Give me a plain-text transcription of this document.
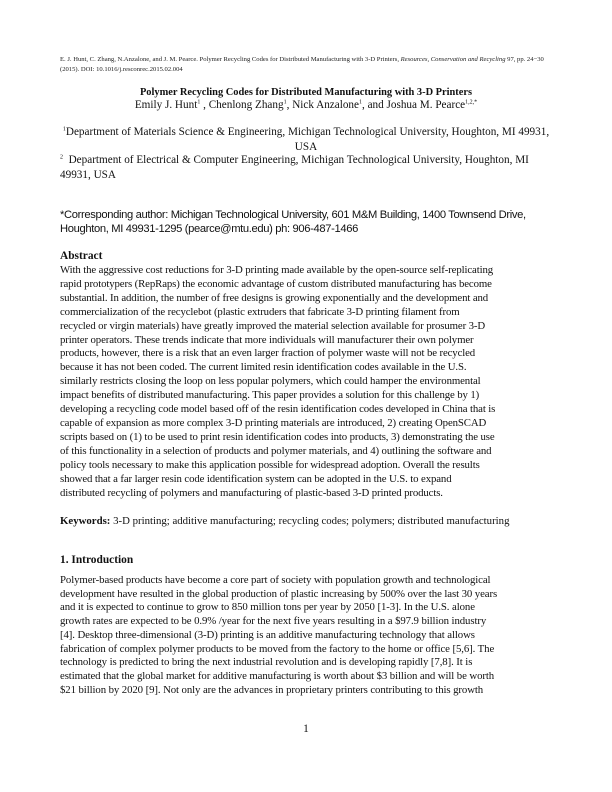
E. J. Hunt, C. Zhang, N.Anzalone, and J. M. Pearce. Polymer Recycling Codes for Distributed Manufacturing with 3-D Printers, Resources, Conservation and Recycling 97, pp. 24−30 (2015). DOI: 10.1016/j.resconrec.2015.02.004
Polymer Recycling Codes for Distributed Manufacturing with 3-D Printers
Emily J. Hunt$^1$ , Chenlong Zhang$^1$, Nick Anzalone$^1$, and Joshua M. Pearce$^{1,2,*}$
$^1$Department of Materials Science & Engineering, Michigan Technological University, Houghton, MI 49931, USA
$^2$ Department of Electrical & Computer Engineering, Michigan Technological University, Houghton, MI 49931, USA
*Corresponding author: Michigan Technological University, 601 M&M Building, 1400 Townsend Drive, Houghton, MI 49931-1295 (pearce@mtu.edu) ph: 906-487-1466
Abstract
With the aggressive cost reductions for 3-D printing made available by the open-source self-replicating
rapid prototypers (RepRaps) the economic advantage of custom distributed manufacturing has become
substantial. In addition, the number of free designs is growing exponentially and the development and
commercialization of the recyclebot (plastic extruders that fabricate 3-D printing filament from
recycled or virgin materials) have greatly improved the material selection available for prosumer 3-D
printer operators. These trends indicate that more individuals will manufacturer their own polymer
products, however, there is a risk that an even larger fraction of polymer waste will not be recycled
because it has not been coded. The current limited resin identification codes available in the U.S.
similarly restricts closing the loop on less popular polymers, which could hamper the environmental
impact benefits of distributed manufacturing. This paper provides a solution for this challenge by 1)
developing a recycling code model based off of the resin identification codes developed in China that is
capable of expansion as more complex 3-D printing materials are introduced, 2) creating OpenSCAD
scripts based on (1) to be used to print resin identification codes into products, 3) demonstrating the use
of this functionality in a selection of products and polymer materials, and 4) outlining the software and
policy tools necessary to make this application possible for widespread adoption. Overall the results
showed that a far larger resin code identification system can be adopted in the U.S. to expand
distributed recycling of polymers and manufacturing of plastic-based 3-D printed products.
Keywords: 3-D printing; additive manufacturing; recycling codes; polymers; distributed manufacturing
1. Introduction
Polymer-based products have become a core part of society with population growth and technological
development have resulted in the global production of plastic increasing by 500% over the last 30 years
and it is expected to continue to grow to 850 million tons per year by 2050 [1-3]. In the U.S. alone
growth rates are expected to be 0.9% /year for the next five years resulting in a $97.9 billion industry
[4]. Desktop three-dimensional (3-D) printing is an additive manufacturing technology that allows
fabrication of complex polymer products to be moved from the factory to the home or office [5,6]. The
technology is predicted to bring the next industrial revolution and is developing rapidly [7,8]. It is
estimated that the global market for additive manufacturing is worth about $3 billion and will be worth
$21 billion by 2020 [9]. Not only are the advances in proprietary printers contributing to this growth
1
